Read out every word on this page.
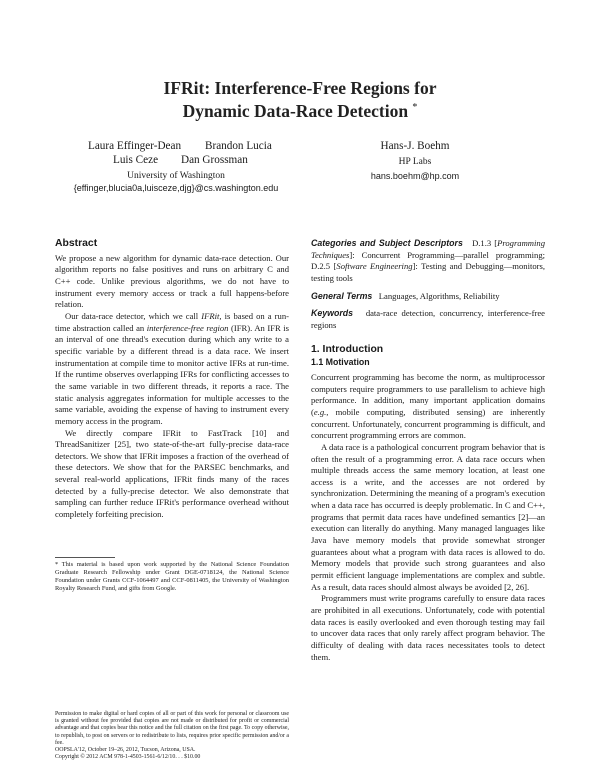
IFRit: Interference-Free Regions for
Dynamic Data-Race Detection *
Laura Effinger-Dean Brandon Lucia
Luis Ceze Dan Grossman
University of Washington
{effinger,blucia0a,luisceze,djg}@cs.washington.edu
Hans-J. Boehm
HP Labs
hans.boehm@hp.com

Abstract

We propose a new algorithm for dynamic data-race detection. Our algorithm reports no false positives and runs on arbitrary C and C++ code. Unlike previous algorithms, we do not have to instrument every memory access or track a full happens-before relation.

Our data-race detector, which we call IFRit, is based on a run-time abstraction called an interference-free region (IFR). An IFR is an interval of one thread's execution during which any write to a specific variable by a different thread is a data race. We insert instrumentation at compile time to monitor active IFRs at run-time. If the runtime observes overlapping IFRs for conflicting accesses to the same variable in two different threads, it reports a race. The static analysis aggregates information for multiple accesses to the same variable, avoiding the expense of having to instrument every memory access in the program.

We directly compare IFRit to FastTrack [10] and ThreadSanitizer [25], two state-of-the-art fully-precise data-race detectors. We show that IFRit imposes a fraction of the overhead of these detectors. We show that for the PARSEC benchmarks, and several real-world applications, IFRit finds many of the races detected by a fully-precise detector. We also demonstrate that sampling can further reduce IFRit's performance overhead without completely forfeiting precision.

* This material is based upon work supported by the National Science Foundation Graduate Research Fellowship under Grant DGE-0718124, the National Science Foundation under Grants CCF-1064497 and CCF-0811405, the University of Washington Royalty Research Fund, and gifts from Google.
Permission to make digital or hard copies of all or part of this work for personal or classroom use is granted without fee provided that copies are not made or distributed for profit or commercial advantage and that copies bear this notice and the full citation on the first page. To copy otherwise, to republish, to post on servers or to redistribute to lists, requires prior specific permission and/or a fee.
OOPSLA'12, October 19–26, 2012, Tucson, Arizona, USA.
Copyright © 2012 ACM 978-1-4503-1561-6/12/10. . . $10.00

Categories and Subject Descriptors D.1.3 [Programming Techniques]: Concurrent Programming—parallel programming; D.2.5 [Software Engineering]: Testing and Debugging—monitors, testing tools

General Terms Languages, Algorithms, Reliability

Keywords data-race detection, concurrency, interference-free regions

1. Introduction

1.1 Motivation

Concurrent programming has become the norm, as multiprocessor computers require programmers to use parallelism to achieve high performance. In addition, many important application domains (e.g., mobile computing, distributed sensing) are inherently concurrent. Unfortunately, concurrent programming is difficult, and concurrent programming errors are common.

A data race is a pathological concurrent program behavior that is often the result of a programming error. A data race occurs when multiple threads access the same memory location, at least one access is a write, and the accesses are not ordered by synchronization. Determining the meaning of a program's execution when a data race has occurred is deeply problematic. In C and C++, programs that permit data races have undefined semantics [2]—an execution can literally do anything. Many managed languages like Java have memory models that provide somewhat stronger guarantees about what a program with data races is allowed to do. Memory models that provide such strong guarantees and also permit efficient language implementations are complex and subtle. As a result, data races should almost always be avoided [2, 26].

Programmers must write programs carefully to ensure data races are prohibited in all executions. Unfortunately, code with potential data races is easily overlooked and even thorough testing may fail to uncover data races that only rarely affect program behavior. The difficulty of dealing with data races necessitates tools to detect them.
